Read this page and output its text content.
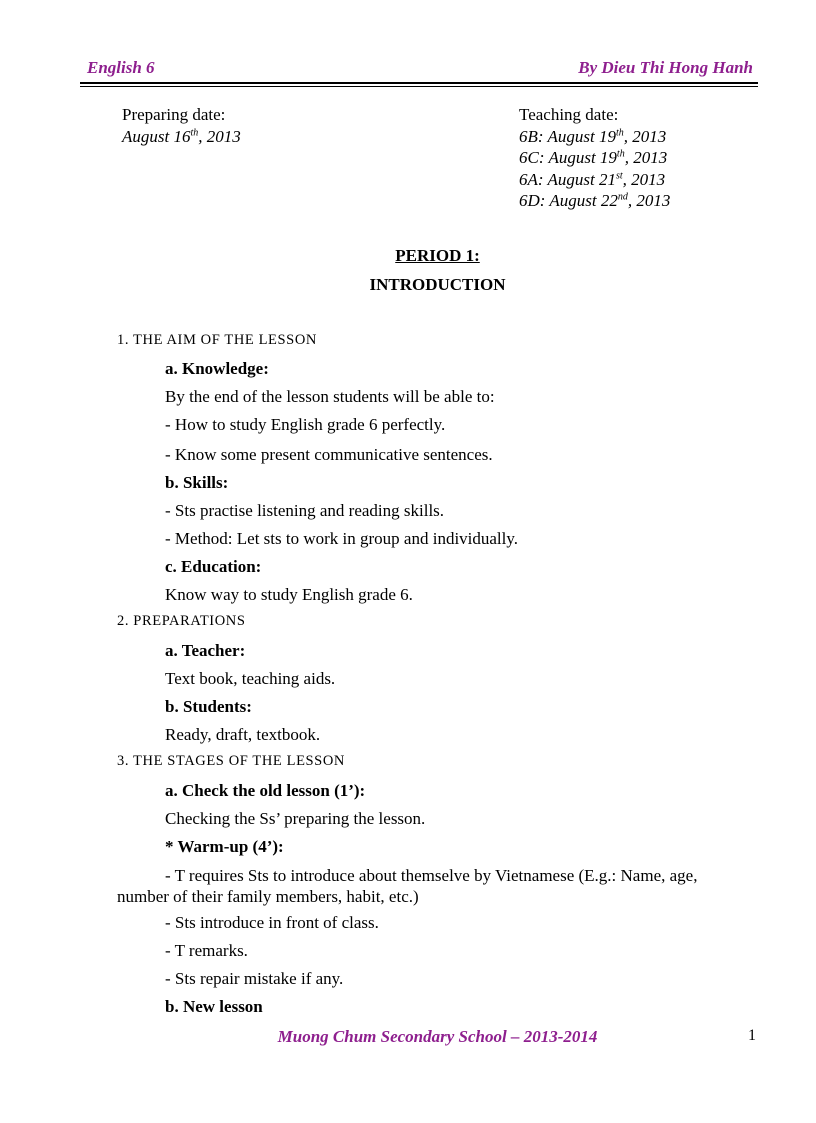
English 6	By Dieu Thi Hong Hanh
Preparing date:
August 16th, 2013
Teaching date:
6B: August 19th, 2013
6C: August 19th, 2013
6A: August 21st, 2013
6D: August 22nd, 2013
PERIOD 1:
INTRODUCTION
1. THE AIM OF THE LESSON
a. Knowledge:
By the end of the lesson students will be able to:
- How to study English grade 6 perfectly.
- Know some present communicative sentences.
b. Skills:
- Sts practise listening and reading skills.
- Method: Let sts to work in group and individually.
c. Education:
Know way to study English grade 6.
2. PREPARATIONS
a. Teacher:
Text book, teaching aids.
b. Students:
Ready, draft, textbook.
3. THE STAGES OF THE LESSON
a. Check the old lesson (1’):
Checking the Ss’ preparing the lesson.
* Warm-up (4’):
- T requires Sts to introduce about themselve by Vietnamese (E.g.: Name, age, number of their family members, habit, etc.)
- Sts introduce in front of class.
- T remarks.
- Sts repair mistake if any.
b. New lesson
Muong Chum Secondary School – 2013-2014	1
